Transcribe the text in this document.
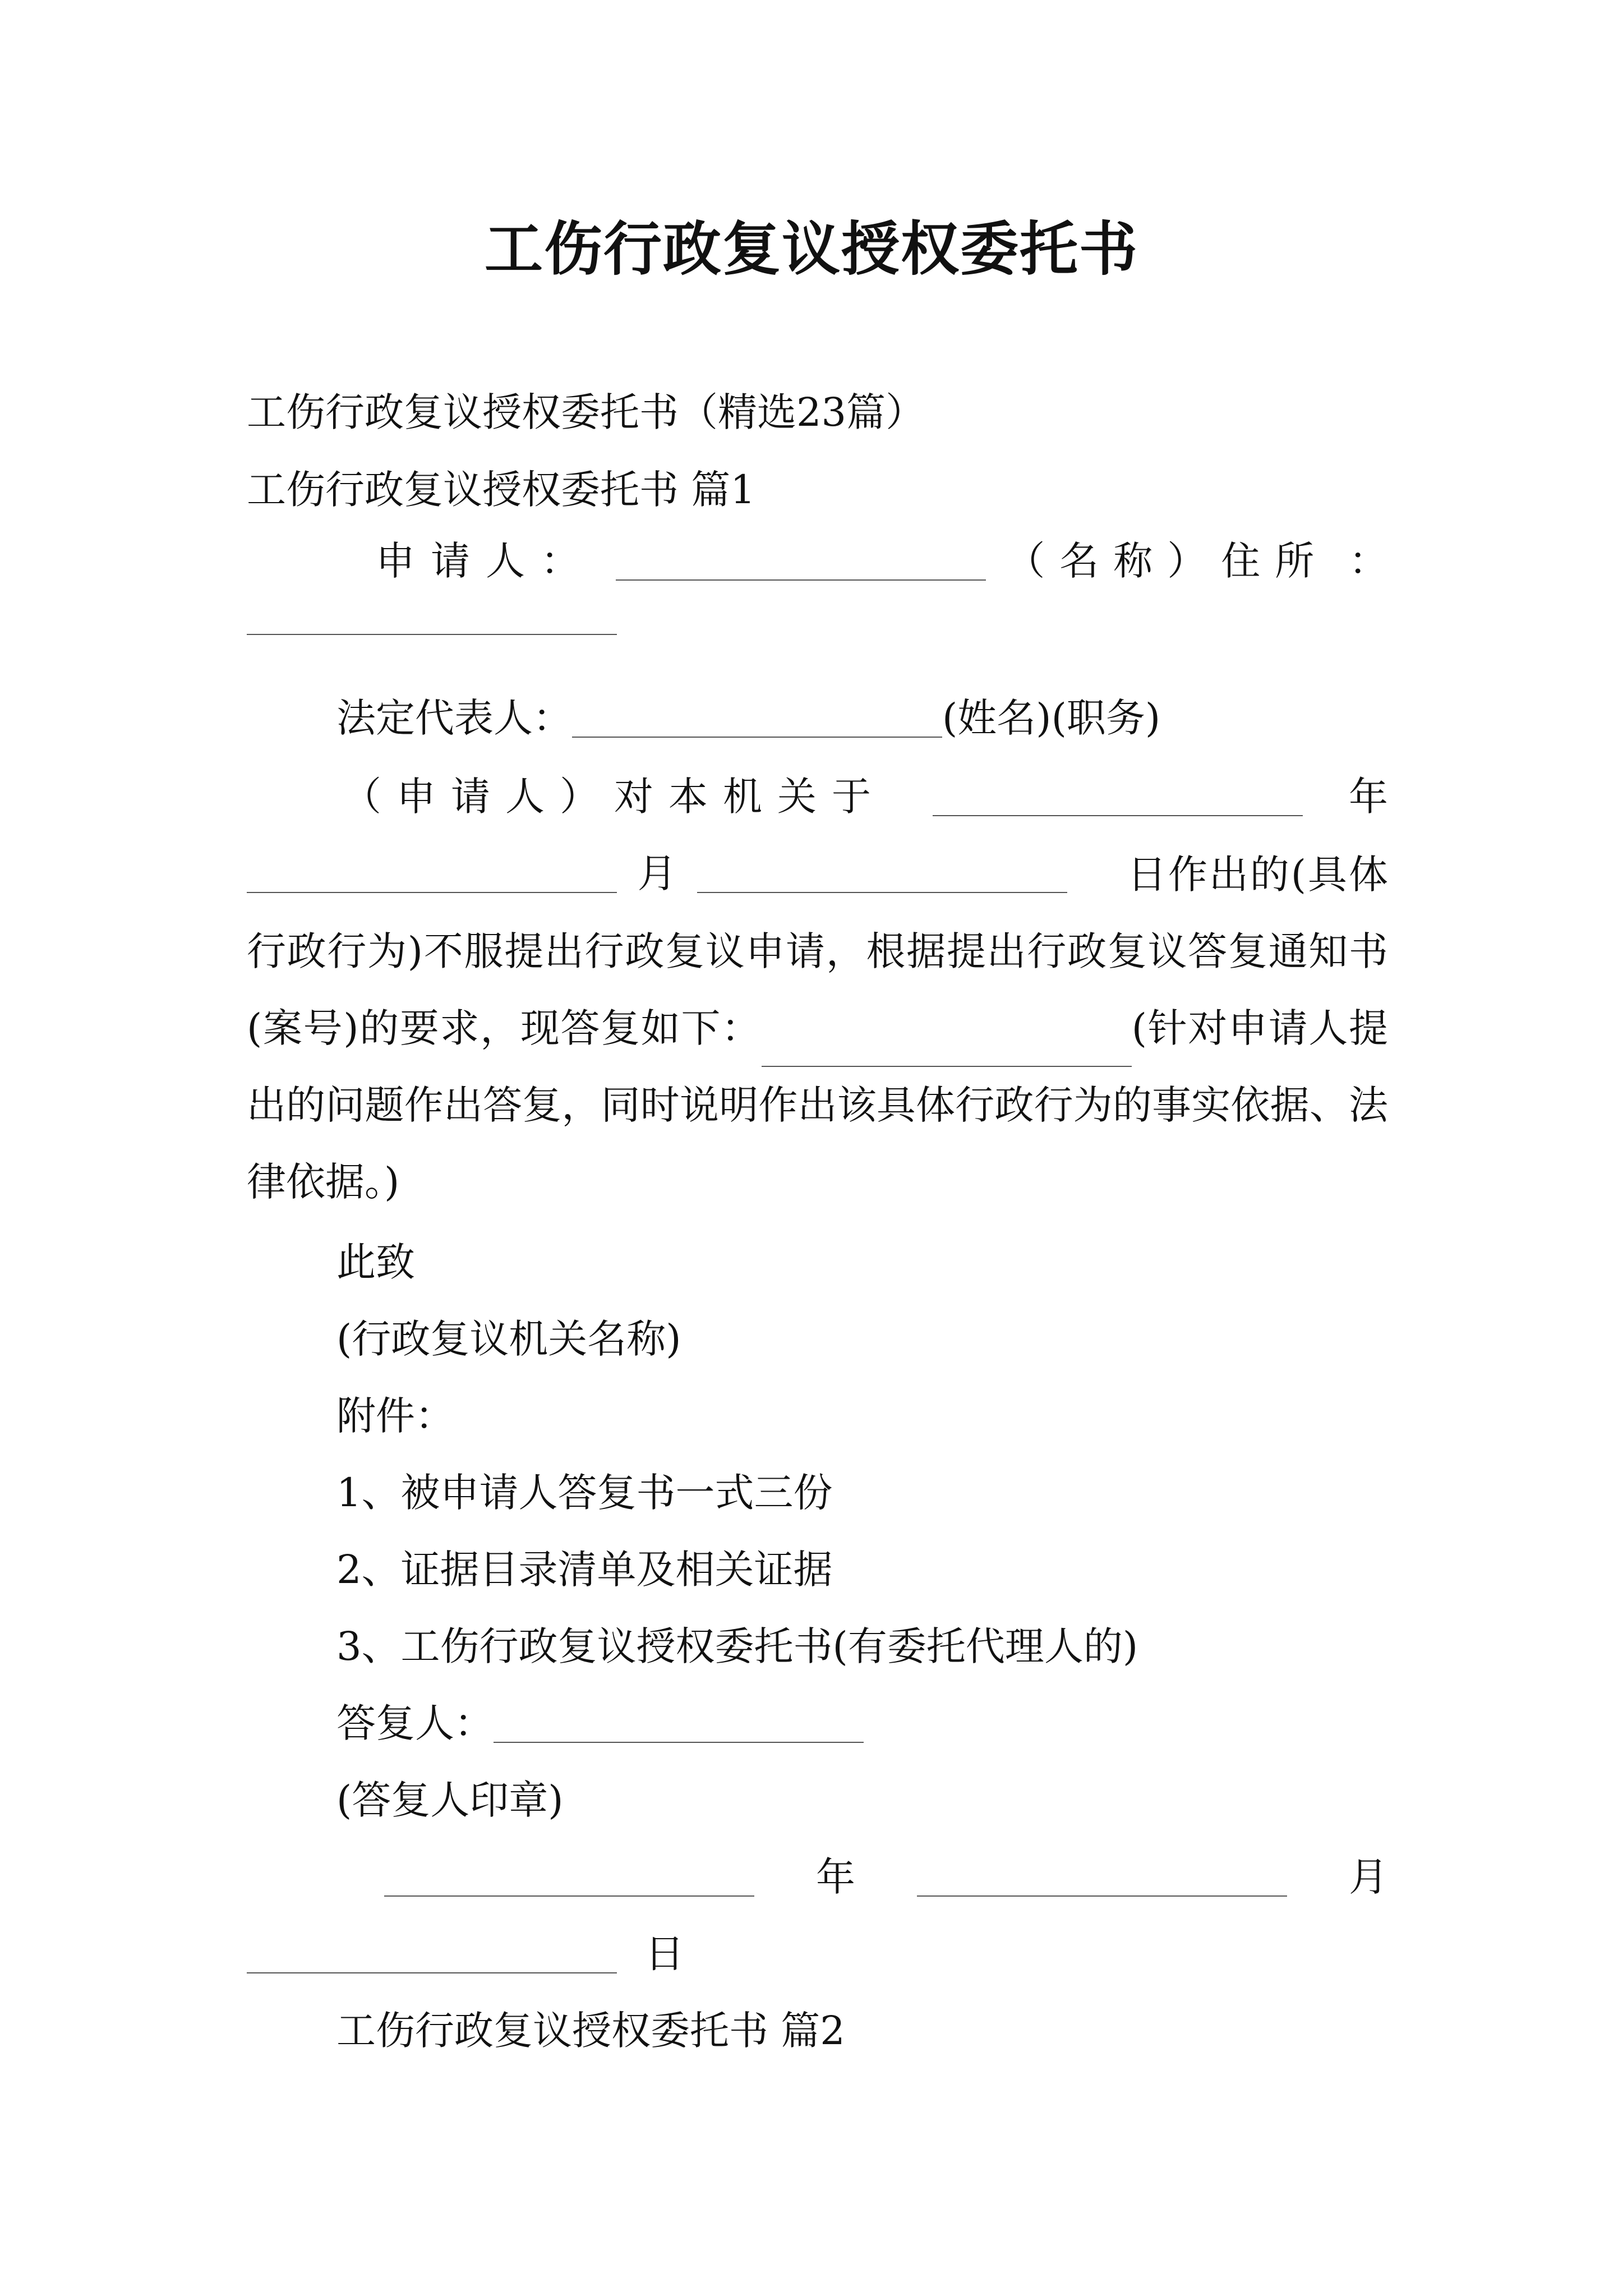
工伤行政复议授权委托书
工伤行政复议授权委托书（精选23篇）
工伤行政复议授权委托书 篇1
申请人：	（名称）住所 ：
法定代表人：	(姓名)(职务)
（申请人）对本机关于	年
月	日作出的(具体行政行为)不服提出行政复议申请，根据提出行政复议答复通知书(案号)的要求，现答复如下：	(针对申请人提出的问题作出答复，同时说明作出该具体行政行为的事实依据、法律依据。)
此致
(行政复议机关名称)
附件：
1、被申请人答复书一式三份
2、证据目录清单及相关证据
3、工伤行政复议授权委托书(有委托代理人的)
答复人：
(答复人印章)
年	月
日
工伤行政复议授权委托书 篇2
